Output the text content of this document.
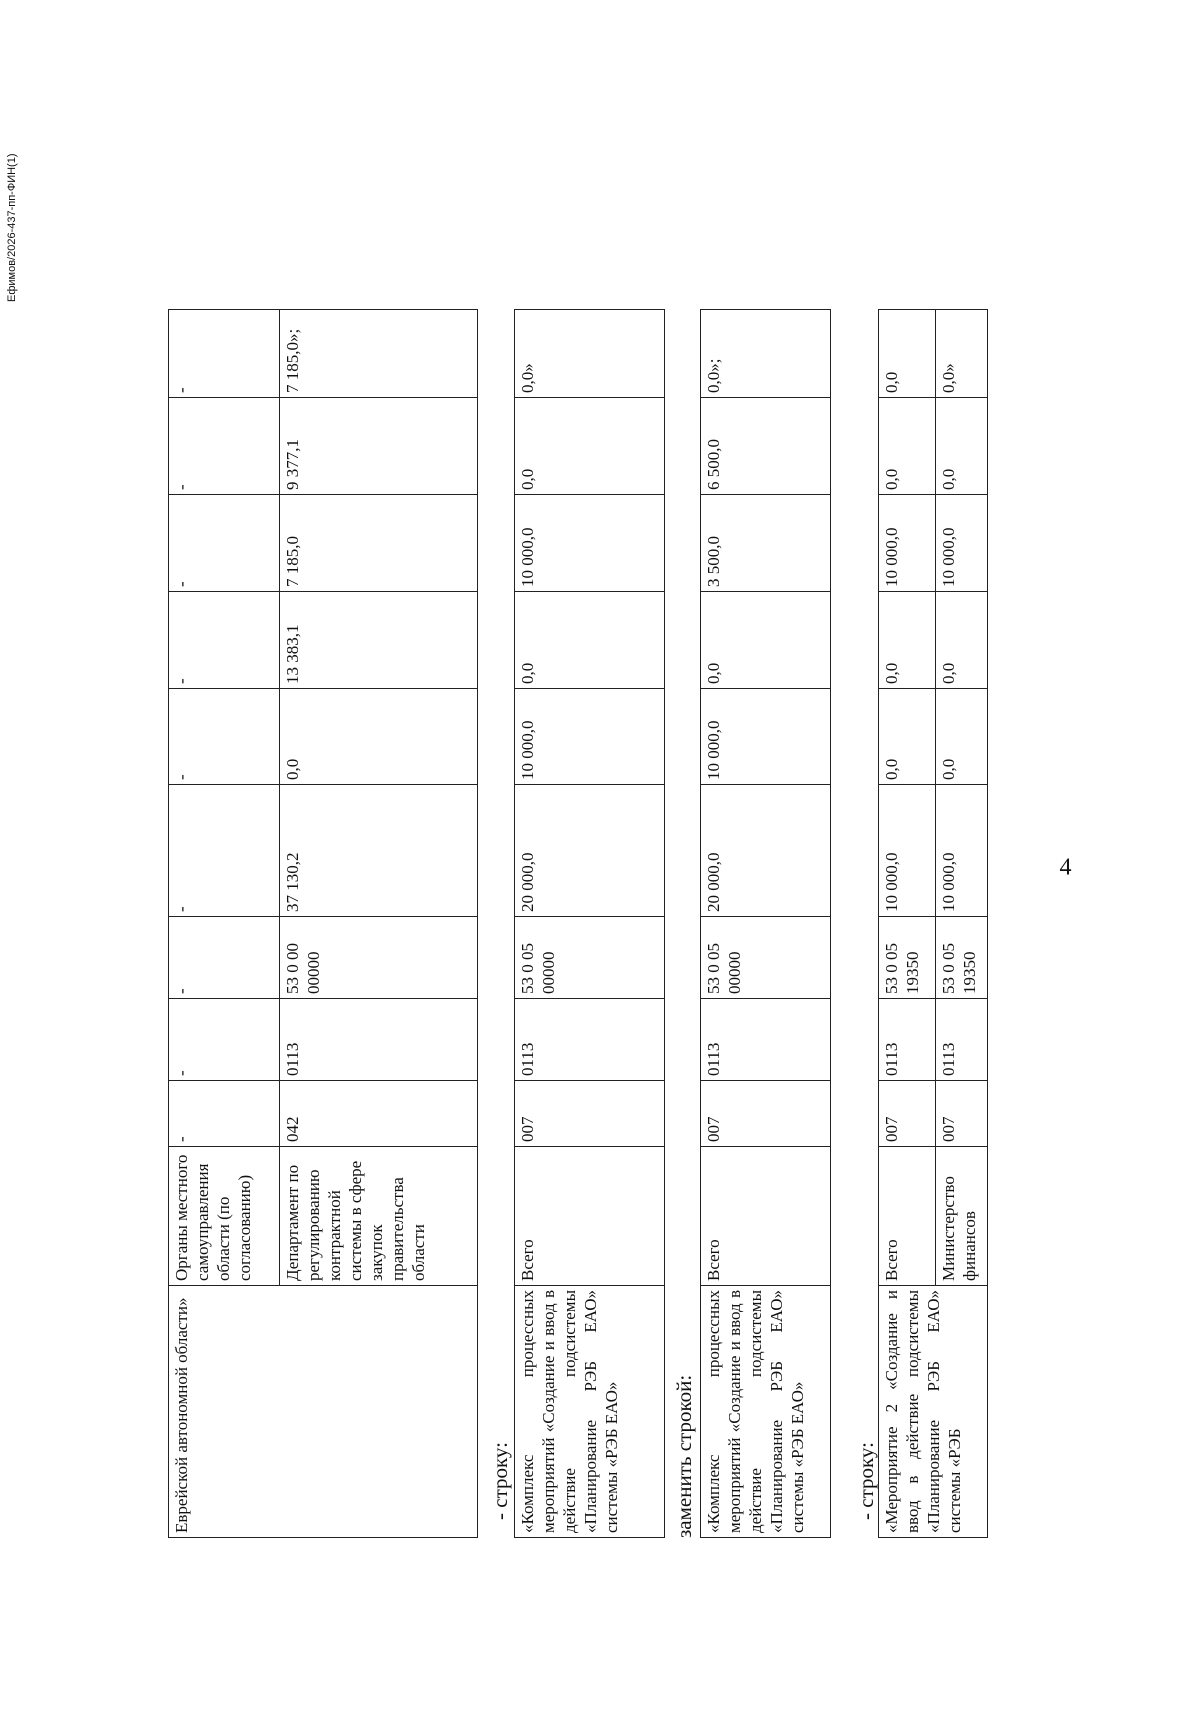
4
Еврейской автономной области»	Органы местного самоуправления области (по согласованию)	-	-	-	-	-	-	-	-	-
	Департамент по регулированию контрактной системы в сфере закупок правительства области	042	0113	53 0 00 00000	37 130,2	0,0	13 383,1	7 185,0	9 377,1	7 185,0»;
- строку: «Комплекс процессных мероприятий «Создание и ввод в действие подсистемы «Планирование РЭБ ЕАО» системы «РЭБ ЕАО»	Всего	007	0113	53 0 05 00000	20 000,0	10 000,0	0,0	10 000,0	0,0	0,0»
заменить строкой: «Комплекс процессных мероприятий «Создание и ввод в действие подсистемы «Планирование РЭБ ЕАО» системы «РЭБ ЕАО»	Всего	007	0113	53 0 05 00000	20 000,0	10 000,0	0,0	3 500,0	6 500,0	0,0»;
- строку: «Мероприятие 2 «Создание и ввод в действие подсистемы «Планирование РЭБ ЕАО» системы «РЭБ	Всего	007	0113	53 0 05 19350	10 000,0	0,0	0,0	10 000,0	0,0	0,0
	Министерство финансов	007	0113	53 0 05 19350	10 000,0	0,0	0,0	10 000,0	0,0	0,0»
Ефимов/2026-437-пп-ФИН(1)
